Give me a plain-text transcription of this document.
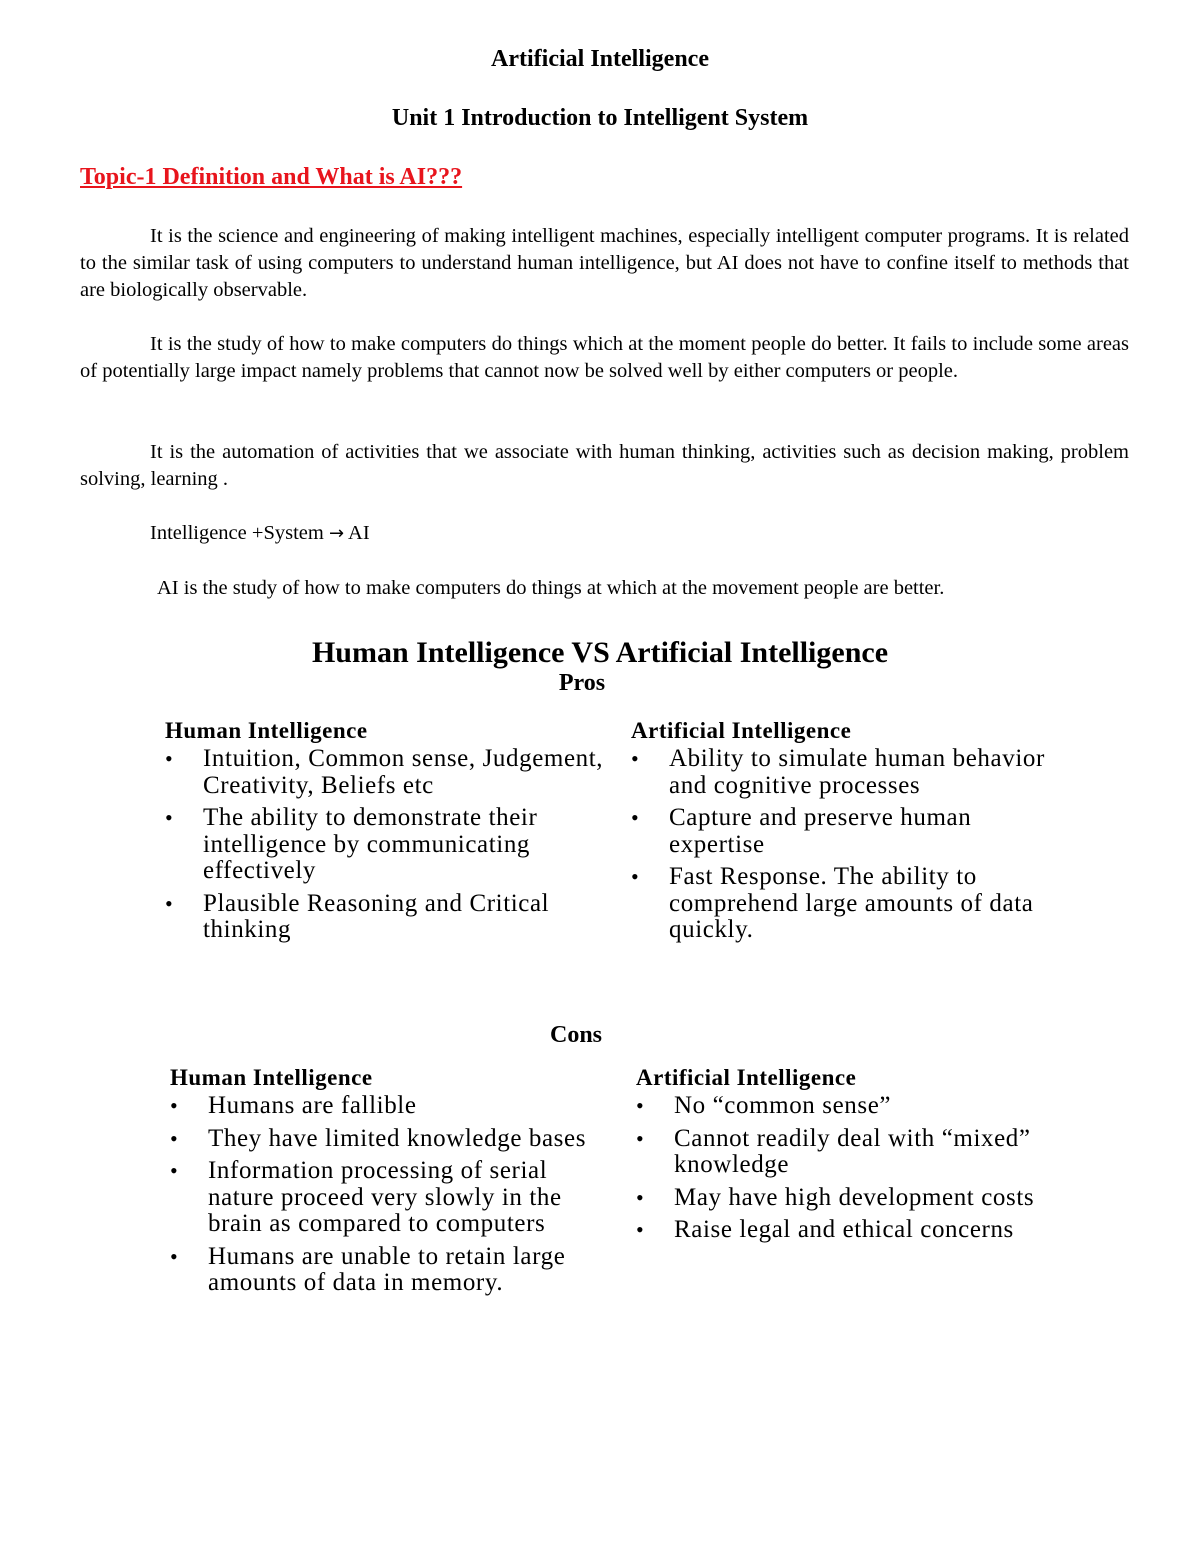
Artificial Intelligence
Unit 1 Introduction to Intelligent System
Topic-1 Definition and What is AI???

It is the science and engineering of making intelligent machines, especially intelligent computer programs. It is related to the similar task of using computers to understand human intelligence, but AI does not have to confine itself to methods that are biologically observable.

It is the study of how to make computers do things which at the moment people do better. It fails to include some areas of potentially large impact namely problems that cannot now be solved well by either computers or people.

It is the automation of activities that we associate with human thinking, activities such as decision making, problem solving, learning .

Intelligence +System → AI

AI is the study of how to make computers do things at which at the movement people are better.

Human Intelligence VS Artificial Intelligence
Pros
Human Intelligence
• Intuition, Common sense, Judgement, Creativity, Beliefs etc
• The ability to demonstrate their intelligence by communicating effectively
• Plausible Reasoning and Critical thinking
Artificial Intelligence
• Ability to simulate human behavior and cognitive processes
• Capture and preserve human expertise
• Fast Response. The ability to comprehend large amounts of data quickly.
Cons
Human Intelligence
• Humans are fallible
• They have limited knowledge bases
• Information processing of serial nature proceed very slowly in the brain as compared to computers
• Humans are unable to retain large amounts of data in memory.
Artificial Intelligence
• No “common sense”
• Cannot readily deal with “mixed” knowledge
• May have high development costs
• Raise legal and ethical concerns
